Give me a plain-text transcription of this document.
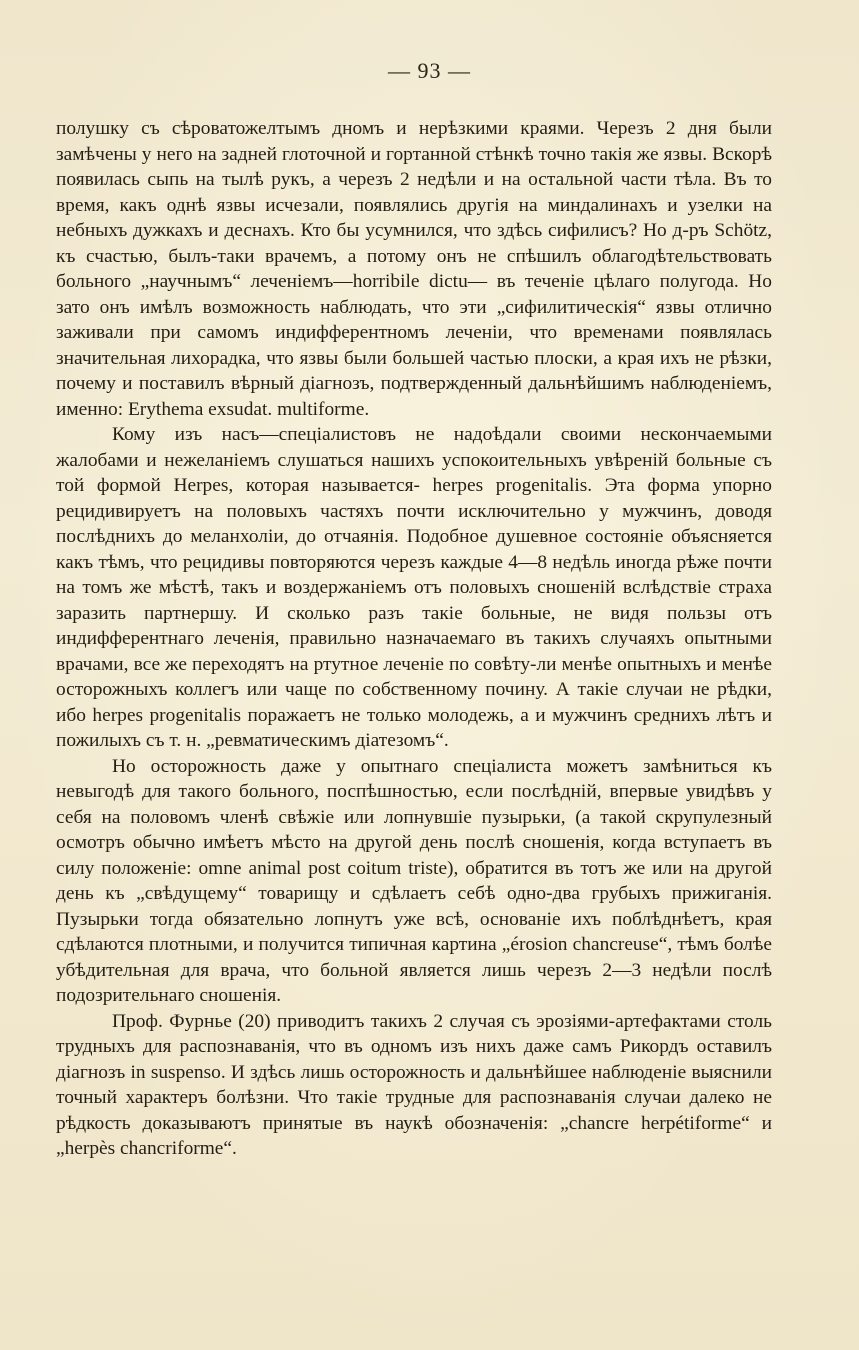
— 93 —

полушку съ сѣроватожелтымъ дномъ и нерѣзкими краями. Черезъ 2 дня были замѣчены у него на задней глоточной и гортанной стѣнкѣ точно такія же язвы. Вскорѣ появилась сыпь на тылѣ рукъ, а черезъ 2 недѣли и на остальной части тѣла. Въ то время, какъ однѣ язвы исчезали, появлялись другія на миндалинахъ и узелки на небныхъ дужкахъ и деснахъ. Кто бы усумнился, что здѣсь сифилисъ? Но д-ръ Schötz, къ счастью, былъ-таки врачемъ, а потому онъ не спѣшилъ облагодѣтельствовать больного „научнымъ“ леченіемъ—horribile dictu— въ теченіе цѣлаго полугода. Но зато онъ имѣлъ возможность наблюдать, что эти „сифилитическія“ язвы отлично заживали при самомъ индифферентномъ леченіи, что временами появлялась значительная лихорадка, что язвы были большей частью плоски, а края ихъ не рѣзки, почему и поставилъ вѣрный діагнозъ, подтвержденный дальнѣйшимъ наблюденіемъ, именно: Erythema exsudat. multiforme.

Кому изъ насъ—спеціалистовъ не надоѣдали своими нескончаемыми жалобами и нежеланіемъ слушаться нашихъ успокоительныхъ увѣреній больные съ той формой Herpes, которая называется- herpes progenitalis. Эта форма упорно рецидивируетъ на половыхъ частяхъ почти исключительно у мужчинъ, доводя послѣднихъ до меланхоліи, до отчаянія. Подобное душевное состояніе объясняется какъ тѣмъ, что рецидивы повторяются черезъ каждые 4—8 недѣль иногда рѣже почти на томъ же мѣстѣ, такъ и воздержаніемъ отъ половыхъ сношеній вслѣдствіе страха заразить партнершу. И сколько разъ такіе больные, не видя пользы отъ индифферентнаго леченія, правильно назначаемаго въ такихъ случаяхъ опытными врачами, все же переходятъ на ртутное леченіе по совѣту-ли менѣе опытныхъ и менѣе осторожныхъ коллегъ или чаще по собственному почину. А такіе случаи не рѣдки, ибо herpes progenitalis поражаетъ не только молодежь, а и мужчинъ среднихъ лѣтъ и пожилыхъ съ т. н. „ревматическимъ діатезомъ“.

Но осторожность даже у опытнаго спеціалиста можетъ замѣниться къ невыгодѣ для такого больного, поспѣшностью, если послѣдній, впервые увидѣвъ у себя на половомъ членѣ свѣжіе или лопнувшіе пузырьки, (а такой скрупулезный осмотръ обычно имѣетъ мѣсто на другой день послѣ сношенія, когда вступаетъ въ силу положеніе: omne animal post coitum triste), обратится въ тотъ же или на другой день къ „свѣдущему“ товарищу и сдѣлаетъ себѣ одно-два грубыхъ прижиганія. Пузырьки тогда обязательно лопнутъ уже всѣ, основаніе ихъ поблѣднѣетъ, края сдѣлаются плотными, и получится типичная картина „érosion chancreuse“, тѣмъ болѣе убѣдительная для врача, что больной является лишь черезъ 2—3 недѣли послѣ подозрительнаго сношенія.

Проф. Фурнье (20) приводитъ такихъ 2 случая съ эрозіями-артефактами столь трудныхъ для распознаванія, что въ одномъ изъ нихъ даже самъ Рикордъ оставилъ діагнозъ in suspenso. И здѣсь лишь осторожность и дальнѣйшее наблюденіе выяснили точный характеръ болѣзни. Что такіе трудные для распознаванія случаи далеко не рѣдкость доказываютъ принятые въ наукѣ обозначенія: „chancre herpétiforme“ и „herpès chancriforme“.
